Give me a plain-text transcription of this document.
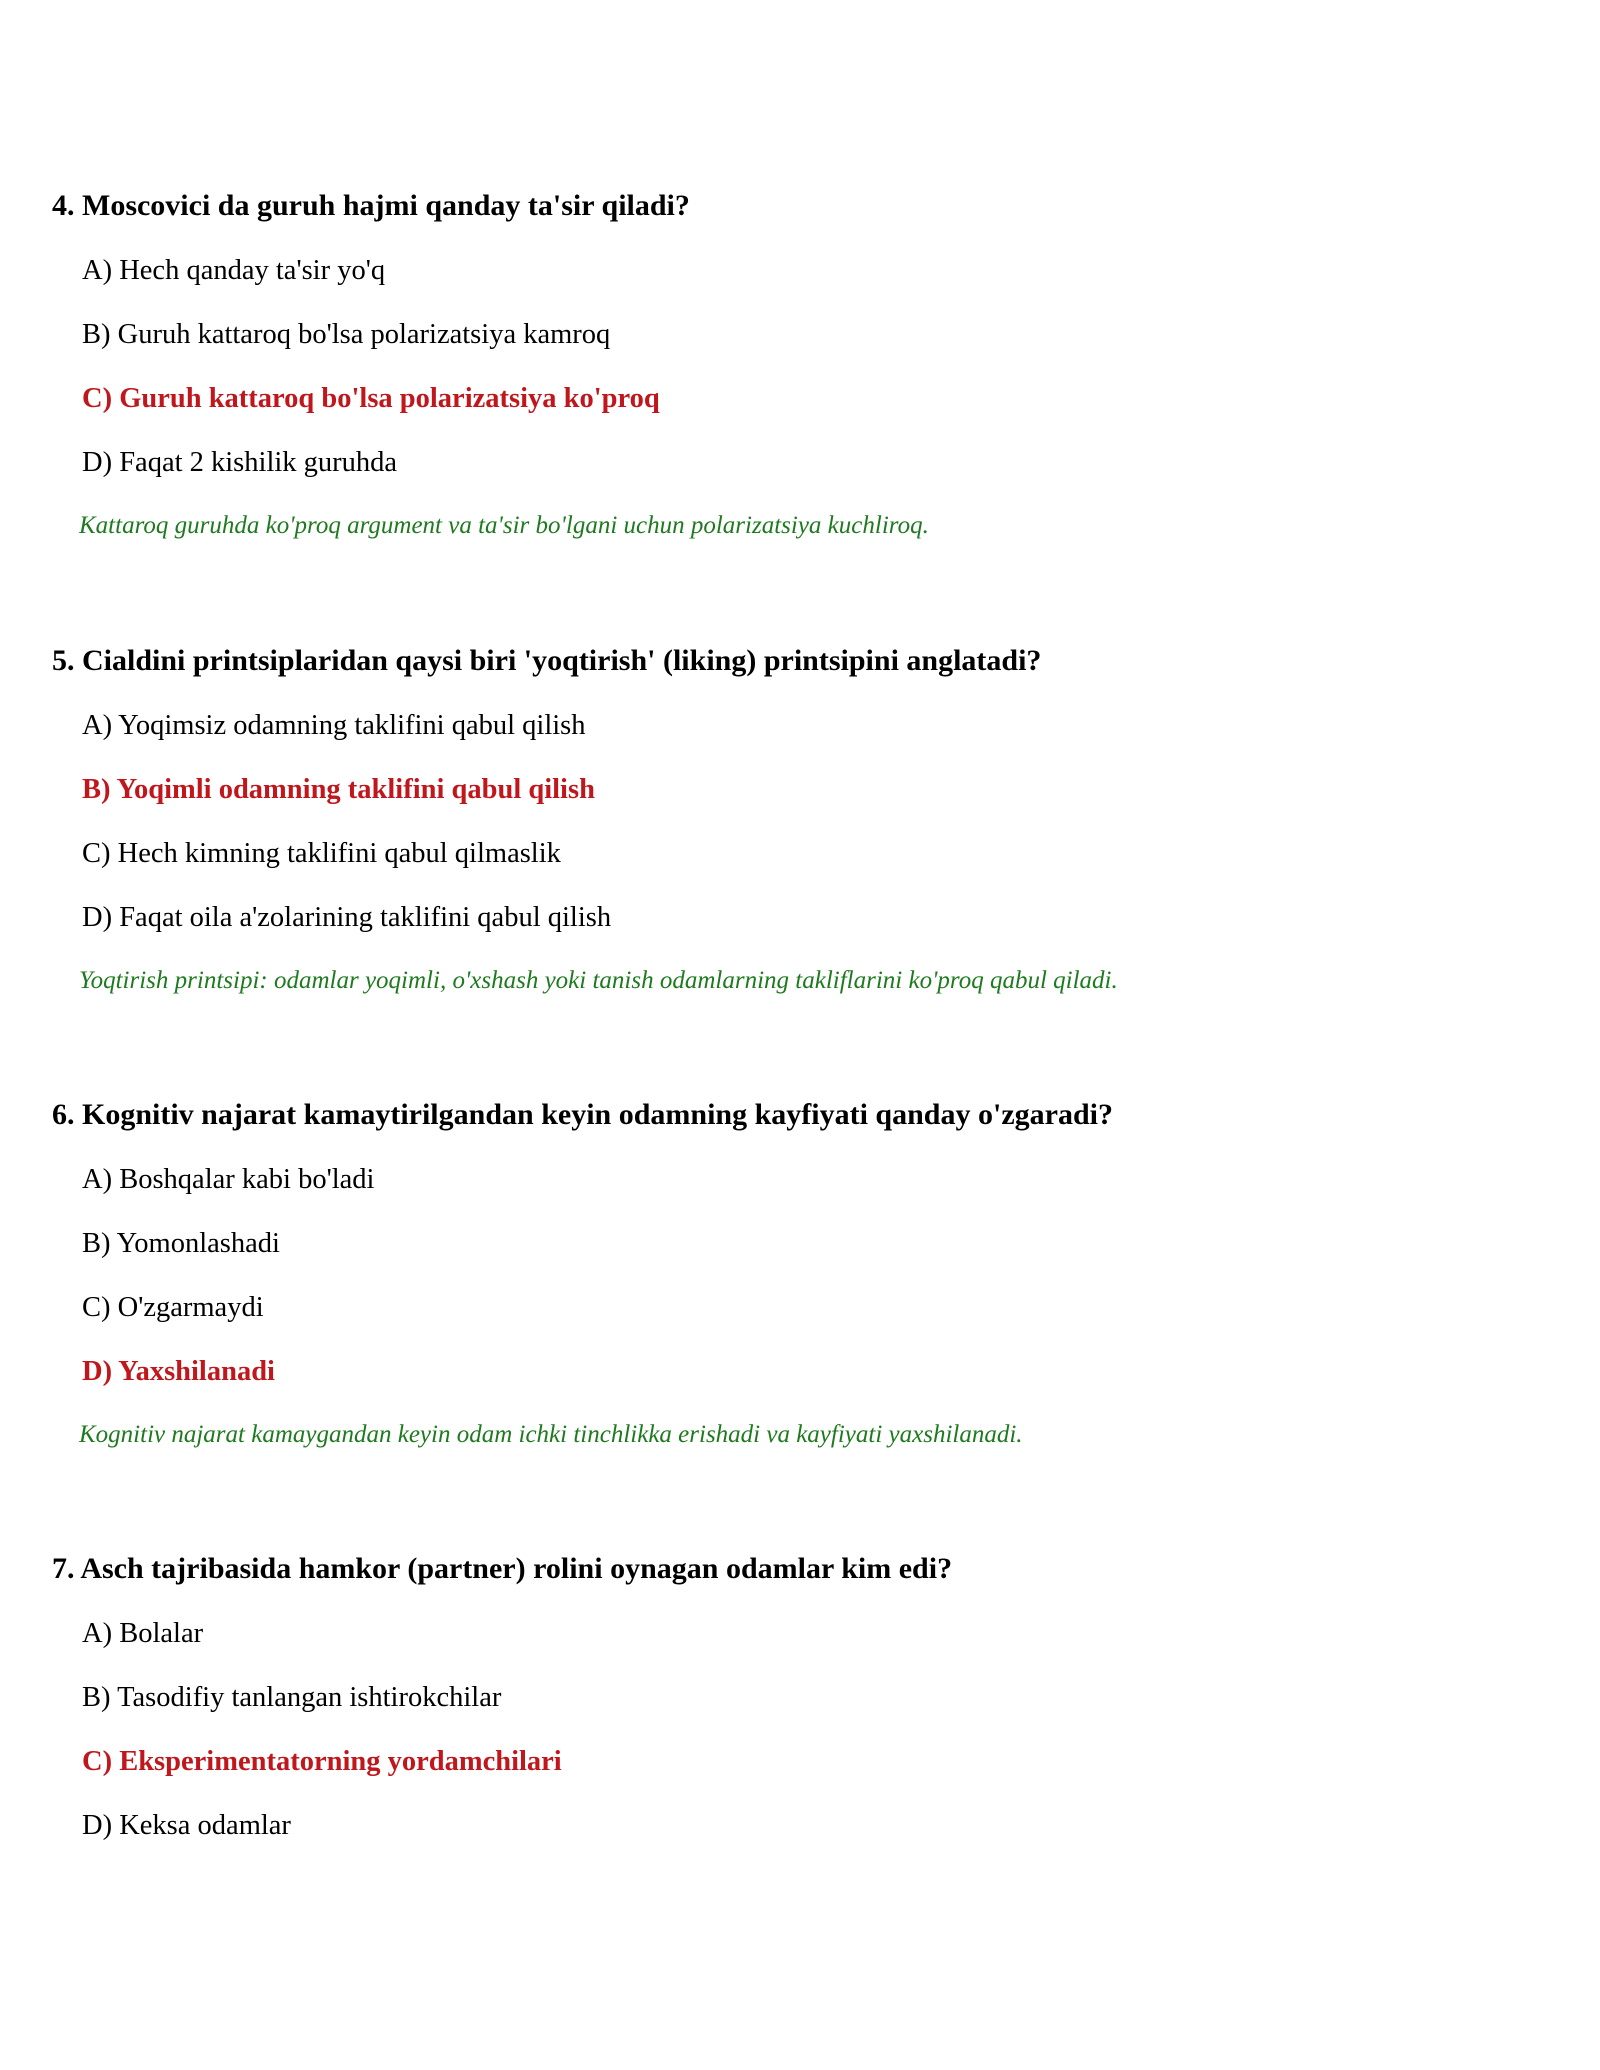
4. Moscovici da guruh hajmi qanday ta'sir qiladi?
A) Hech qanday ta'sir yo'q
B) Guruh kattaroq bo'lsa polarizatsiya kamroq
C) Guruh kattaroq bo'lsa polarizatsiya ko'proq
D) Faqat 2 kishilik guruhda
Kattaroq guruhda ko'proq argument va ta'sir bo'lgani uchun polarizatsiya kuchliroq.
5. Cialdini printsiplaridan qaysi biri 'yoqtirish' (liking) printsipini anglatadi?
A) Yoqimsiz odamning taklifini qabul qilish
B) Yoqimli odamning taklifini qabul qilish
C) Hech kimning taklifini qabul qilmaslik
D) Faqat oila a'zolarining taklifini qabul qilish
Yoqtirish printsipi: odamlar yoqimli, o'xshash yoki tanish odamlarning takliflarini ko'proq qabul qiladi.
6. Kognitiv najarat kamaytirilgandan keyin odamning kayfiyati qanday o'zgaradi?
A) Boshqalar kabi bo'ladi
B) Yomonlashadi
C) O'zgarmaydi
D) Yaxshilanadi
Kognitiv najarat kamaygandan keyin odam ichki tinchlikka erishadi va kayfiyati yaxshilanadi.
7. Asch tajribasida hamkor (partner) rolini oynagan odamlar kim edi?
A) Bolalar
B) Tasodifiy tanlangan ishtirokchilar
C) Eksperimentatorning yordamchilari
D) Keksa odamlar
